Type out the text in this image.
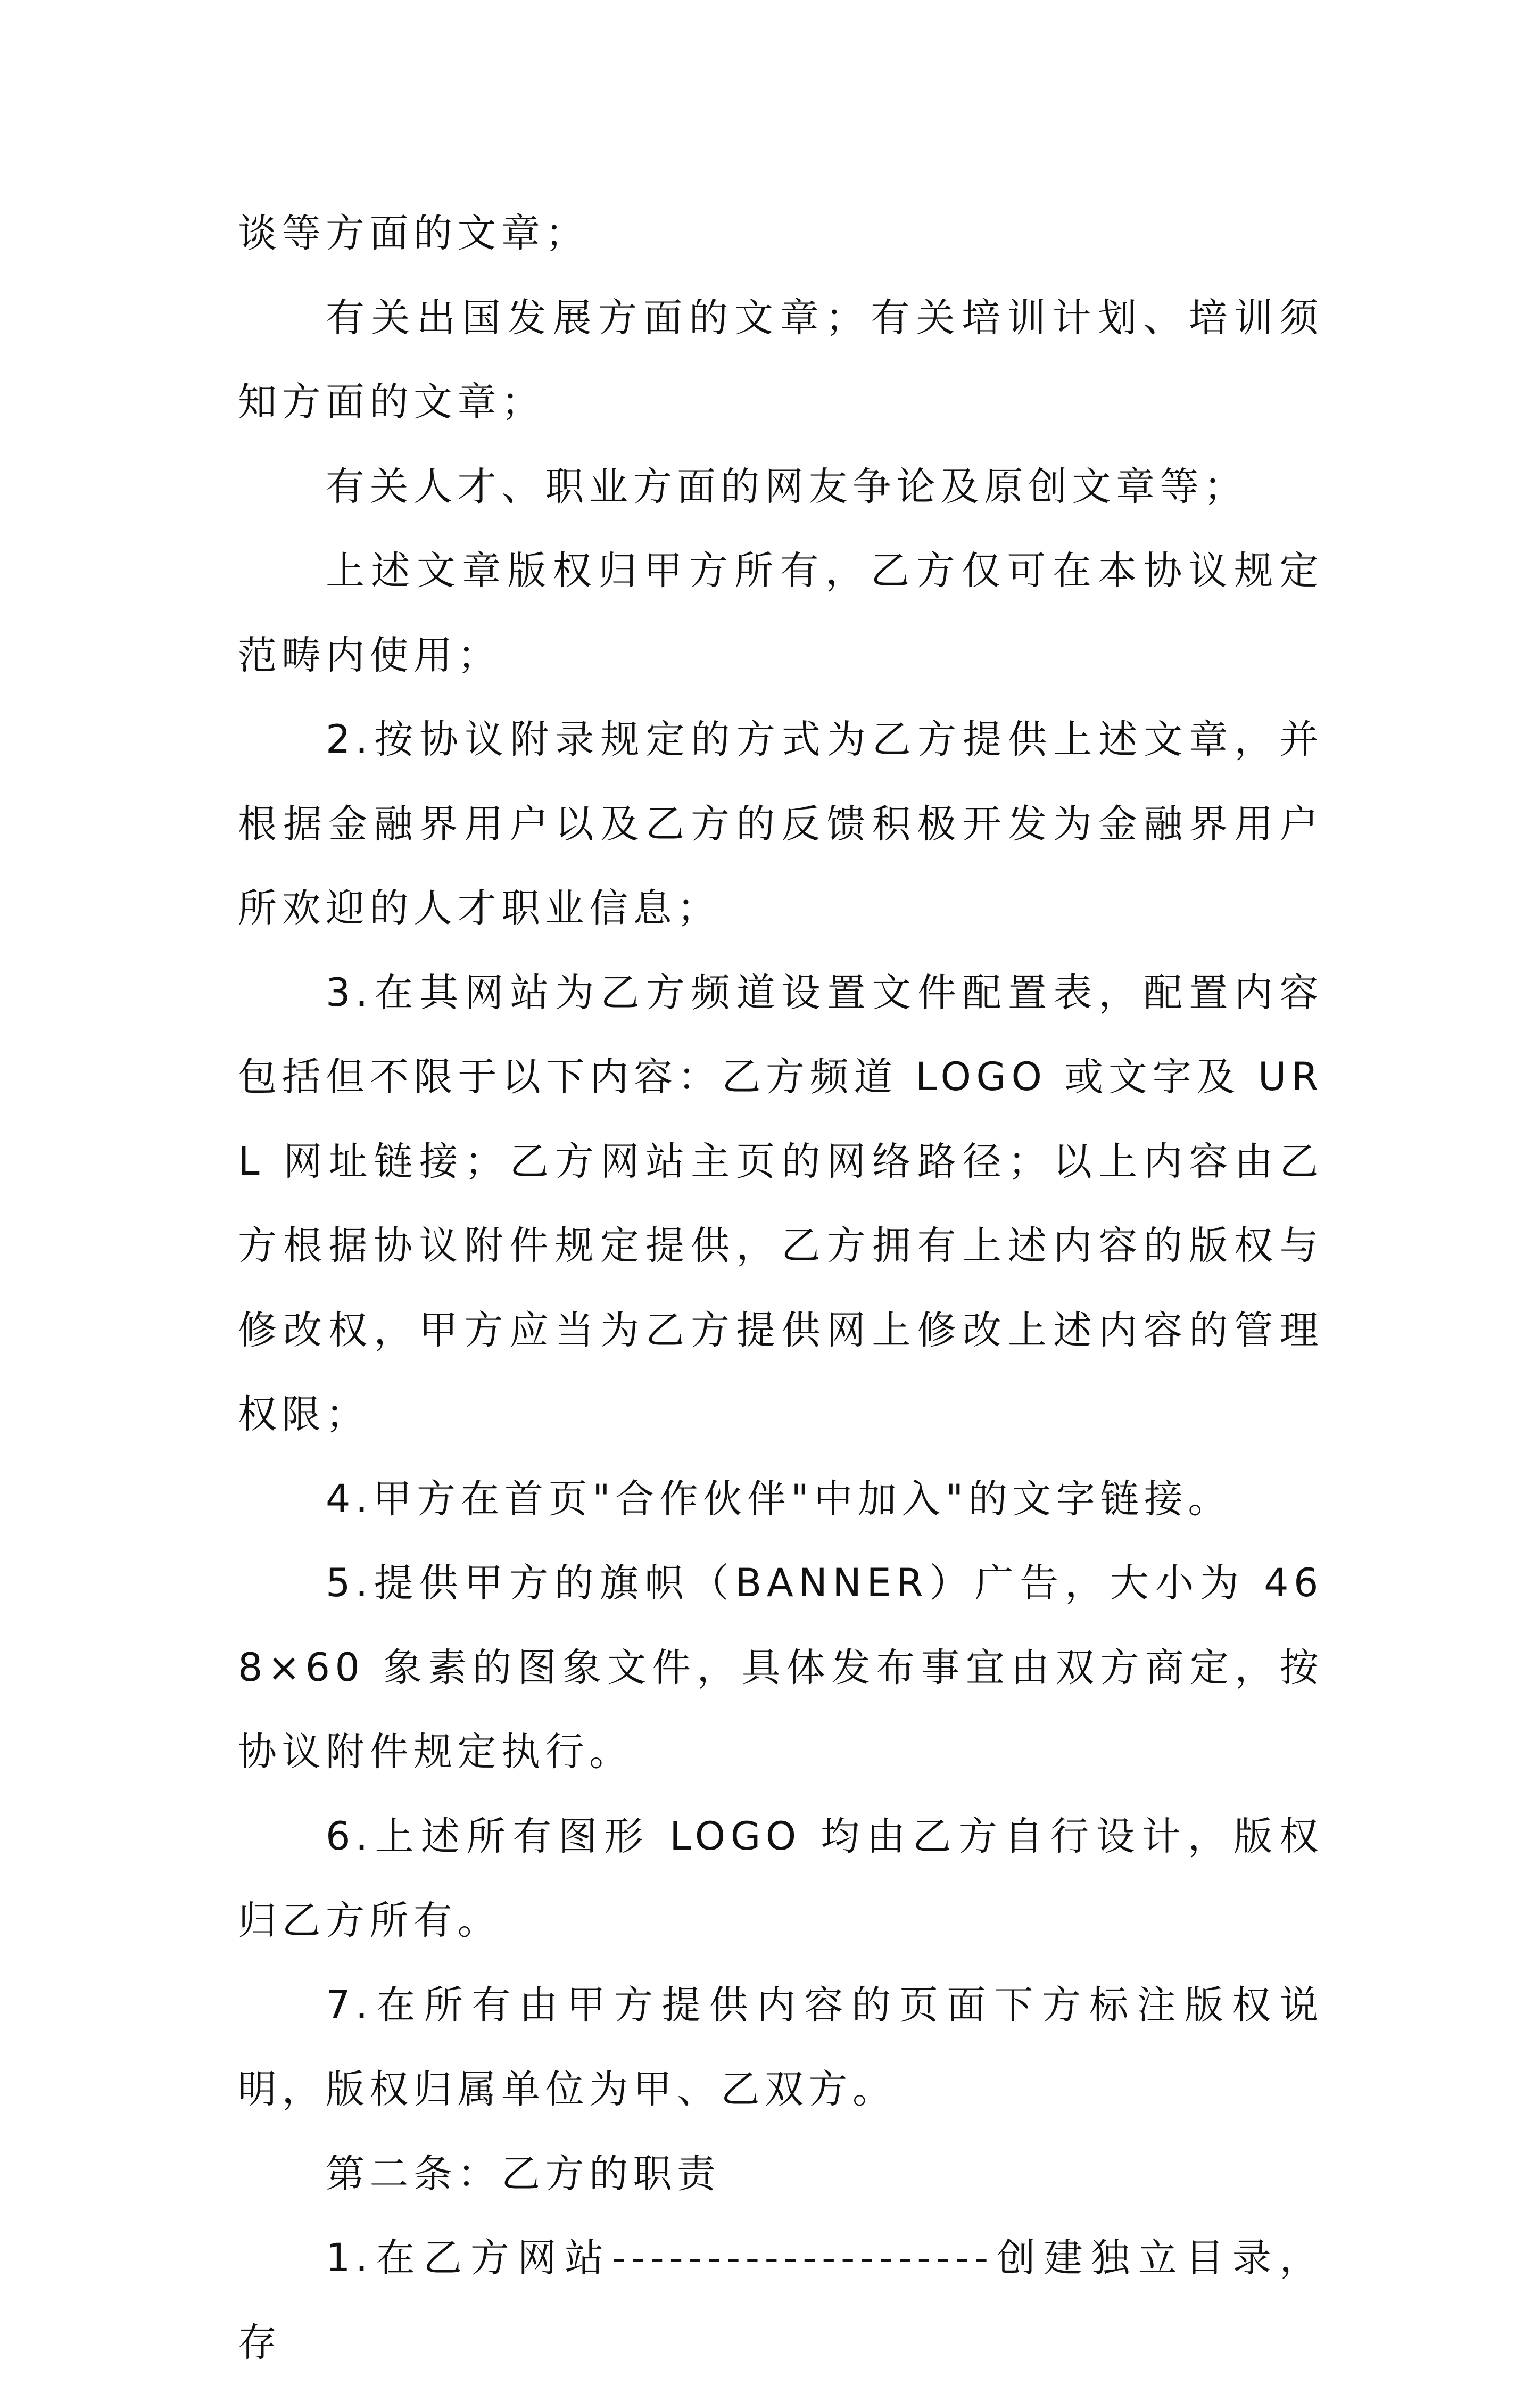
谈等方面的文章；

有关出国发展方面的文章；有关培训计划、培训须知方面的文章；

有关人才、职业方面的网友争论及原创文章等；

上述文章版权归甲方所有，乙方仅可在本协议规定范畴内使用；

2.按协议附录规定的方式为乙方提供上述文章，并根据金融界用户以及乙方的反馈积极开发为金融界用户所欢迎的人才职业信息；

3.在其网站为乙方频道设置文件配置表，配置内容包括但不限于以下内容：乙方频道 LOGO 或文字及 URL 网址链接；乙方网站主页的网络路径；以上内容由乙方根据协议附件规定提供，乙方拥有上述内容的版权与修改权，甲方应当为乙方提供网上修改上述内容的管理权限；

4.甲方在首页"合作伙伴"中加入"的文字链接。

5.提供甲方的旗帜（BANNER）广告，大小为 468×60 象素的图象文件，具体发布事宜由双方商定，按协议附件规定执行。

6.上述所有图形 LOGO 均由乙方自行设计，版权归乙方所有。

7.在所有由甲方提供内容的页面下方标注版权说明，版权归属单位为甲、乙双方。

第二条：乙方的职责

1.在乙方网站--------------------创建独立目录，存
